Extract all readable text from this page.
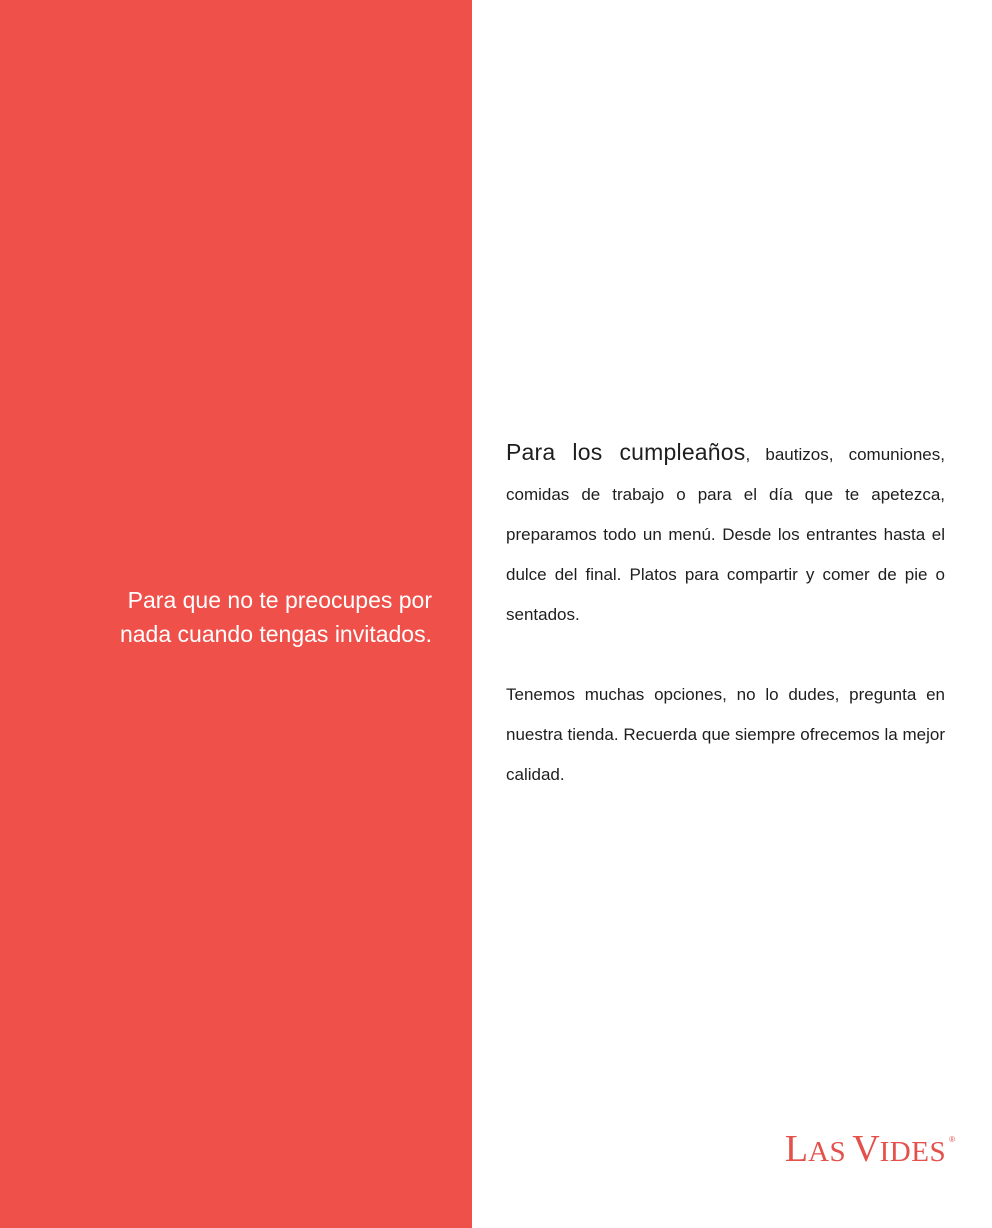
Para que no te preocupes por
nada cuando tengas invitados.

Para los cumpleaños, bautizos, comuniones, comidas de trabajo o para el día que te apetezca, preparamos todo un menú. Desde los entrantes hasta el dulce del final. Platos para compartir y comer de pie o sentados.

Tenemos muchas opciones, no lo dudes, pregunta en nuestra tienda. Recuerda que siempre ofrecemos la mejor calidad.

L AS V IDES ®
